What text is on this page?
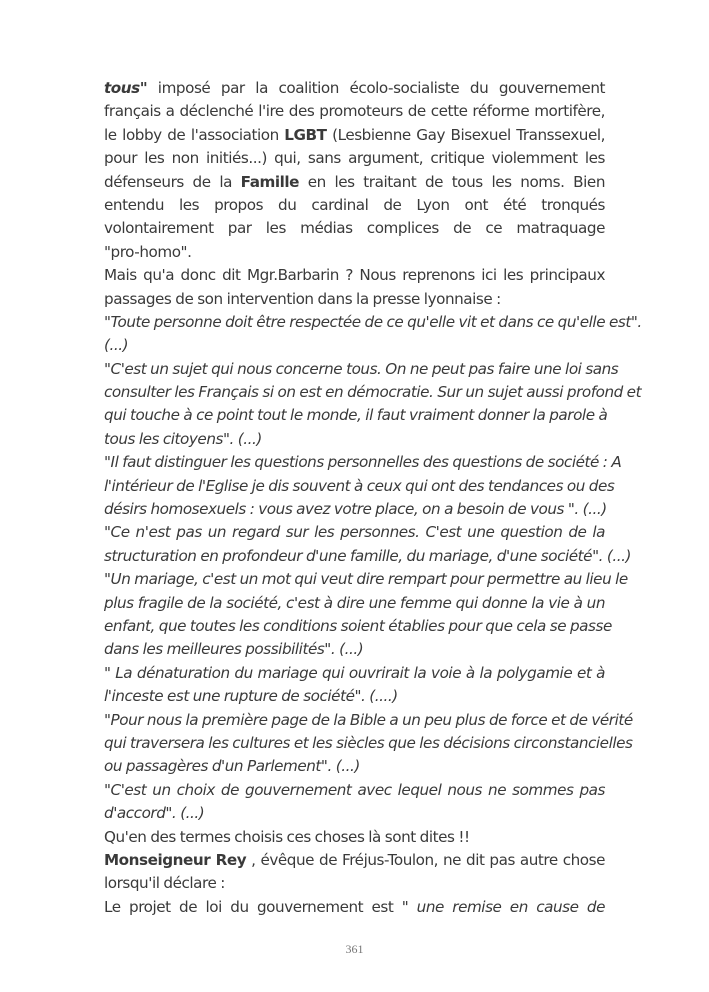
tous" imposé par la coalition écolo-socialiste du gouvernement
français a déclenché l'ire des promoteurs de cette réforme mortifère,
le lobby de l'association LGBT (Lesbienne Gay Bisexuel Transsexuel,
pour les non initiés...) qui, sans argument, critique violemment les
défenseurs de la Famille en les traitant de tous les noms. Bien
entendu les propos du cardinal de Lyon ont été tronqués
volontairement par les médias complices de ce matraquage
"pro-homo".
Mais qu'a donc dit Mgr.Barbarin ? Nous reprenons ici les principaux
passages de son intervention dans la presse lyonnaise :
"Toute personne doit être respectée de ce qu'elle vit et dans ce qu'elle est".
(...)
"C'est un sujet qui nous concerne tous. On ne peut pas faire une loi sans
consulter les Français si on est en démocratie. Sur un sujet aussi profond et
qui touche à ce point tout le monde, il faut vraiment donner la parole à
tous les citoyens". (...)
"Il faut distinguer les questions personnelles des questions de société : A
l'intérieur de l'Eglise je dis souvent à ceux qui ont des tendances ou des
désirs homosexuels : vous avez votre place, on a besoin de vous ". (...)
"Ce n'est pas un regard sur les personnes. C'est une question de la
structuration en profondeur d'une famille, du mariage, d'une société". (...)
"Un mariage, c'est un mot qui veut dire rempart pour permettre au lieu le
plus fragile de la société, c'est à dire une femme qui donne la vie à un
enfant, que toutes les conditions soient établies pour que cela se passe
dans les meilleures possibilités". (...)
" La dénaturation du mariage qui ouvrirait la voie à la polygamie et à
l'inceste est une rupture de société". (....)
"Pour nous la première page de la Bible a un peu plus de force et de vérité
qui traversera les cultures et les siècles que les décisions circonstancielles
ou passagères d'un Parlement". (...)
"C'est un choix de gouvernement avec lequel nous ne sommes pas
d'accord". (...)
Qu'en des termes choisis ces choses là sont dites !!
Monseigneur Rey , évêque de Fréjus-Toulon, ne dit pas autre chose
lorsqu'il déclare :
Le projet de loi du gouvernement est " une remise en cause de
361
